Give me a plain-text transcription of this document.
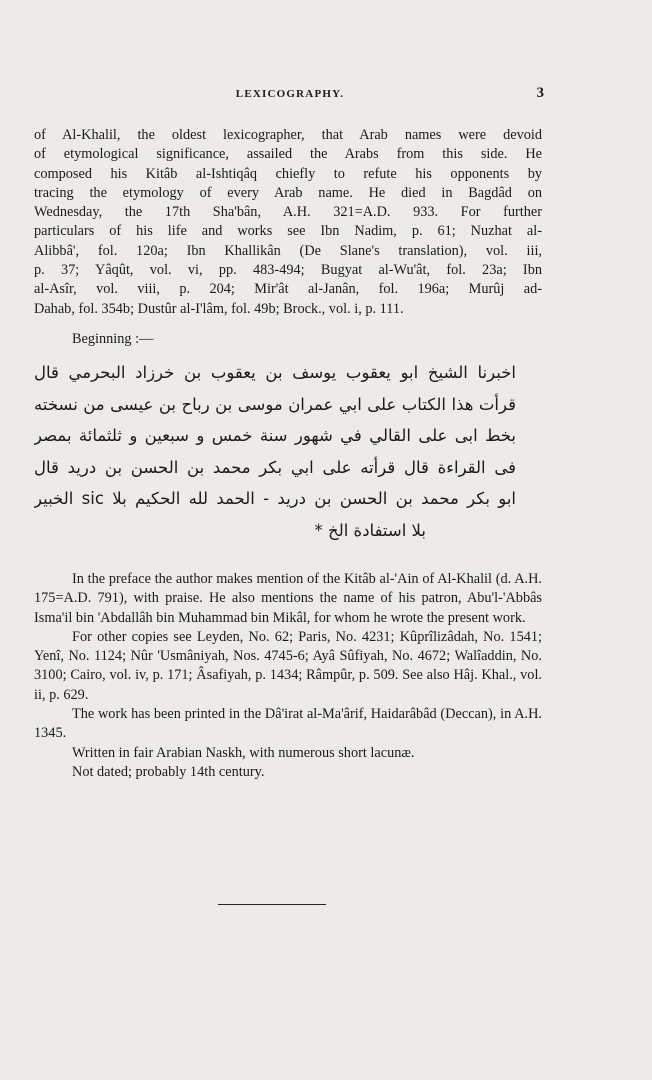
LEXICOGRAPHY.	3

of Al-Khalil, the oldest lexicographer, that Arab names were devoid

of etymological significance, assailed the Arabs from this side. He

composed his Kitâb al-Ishtiqâq chiefly to refute his opponents by

tracing the etymology of every Arab name. He died in Bagdâd on

Wednesday, the 17th Sha'bân, A.H. 321=A.D. 933. For further

particulars of his life and works see Ibn Nadim, p. 61; Nuzhat al-

Alibbâ', fol. 120a; Ibn Khallikân (De Slane's translation), vol. iii,

p. 37; Yâqût, vol. vi, pp. 483-494; Bugyat al-Wu'ât, fol. 23a; Ibn

al-Asîr, vol. viii, p. 204; Mir'ât al-Janân, fol. 196a; Murûj ad-

Dahab, fol. 354b; Dustûr al-I'lâm, fol. 49b; Brock., vol. i, p. 111.

Beginning :—
اخبرنا الشيخ ابو يعقوب يوسف بن يعقوب بن خرزاد البحرمي قال
قرأت هذا الكتاب على ابي عمران موسى بن رباح بن عيسى من نسخته
بخط ابى على القالي في شهور سنة خمس و سبعين و ثلثمائة بمصر
فى القراءة قال قرأته على ابي بكر محمد بن الحسن بن دريد قال
ابو بكر محمد بن الحسن بن دريد - الحمد لله الحكيم بلا sic الخبير
بلا استفادة الخ *

In the preface the author makes mention of the Kitâb al-'Ain of Al-Khalil (d. A.H. 175=A.D. 791), with praise. He also mentions the name of his patron, Abu'l-'Abbâs Isma'il bin 'Abdallâh bin Muhammad bin Mikâl, for whom he wrote the present work.

For other copies see Leyden, No. 62; Paris, No. 4231; Kûprîlizâdah, No. 1541; Yenî, No. 1124; Nûr 'Usmâniyah, Nos. 4745-6; Ayâ Sûfiyah, No. 4672; Walîaddin, No. 3100; Cairo, vol. iv, p. 171; Âsafiyah, p. 1434; Râmpûr, p. 509. See also Hâj. Khal., vol. ii, p. 629.

The work has been printed in the Dâ'irat al-Ma'ârif, Haidarâbâd (Deccan), in A.H. 1345.

Written in fair Arabian Naskh, with numerous short lacunæ.

Not dated; probably 14th century.
